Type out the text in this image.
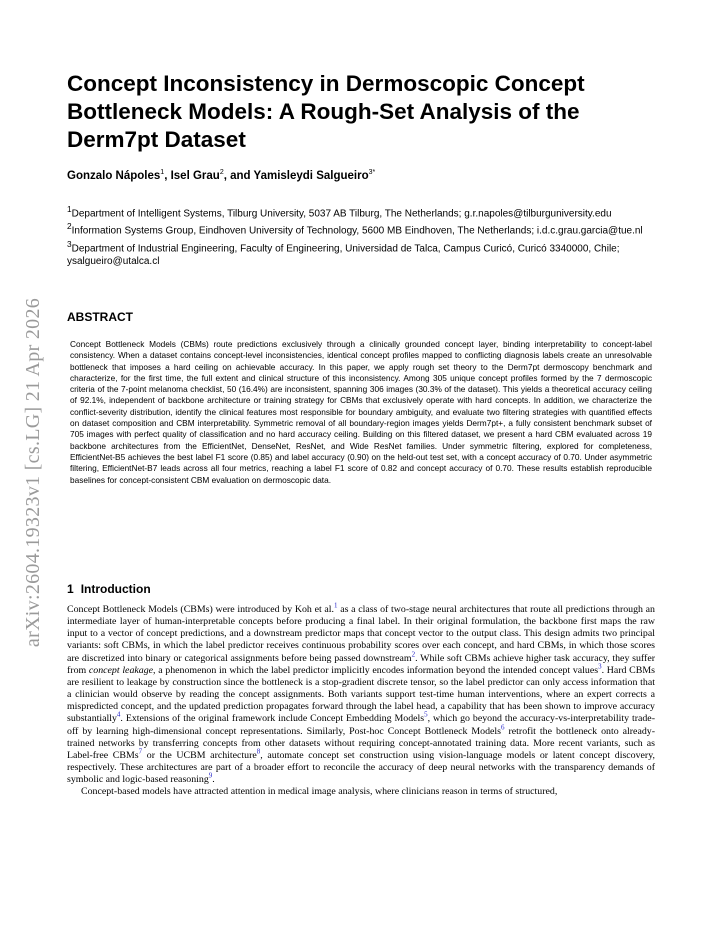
arXiv:2604.19323v1 [cs.LG] 21 Apr 2026
Concept Inconsistency in Dermoscopic Concept Bottleneck Models: A Rough-Set Analysis of the Derm7pt Dataset
Gonzalo Nápoles$^1$, Isel Grau$^2$, and Yamisleydi Salgueiro$^{3*}$
$^1$Department of Intelligent Systems, Tilburg University, 5037 AB Tilburg, The Netherlands; g.r.napoles@tilburguniversity.edu
$^2$Information Systems Group, Eindhoven University of Technology, 5600 MB Eindhoven, The Netherlands; i.d.c.grau.garcia@tue.nl
$^3$Department of Industrial Engineering, Faculty of Engineering, Universidad de Talca, Campus Curicó, Curicó 3340000, Chile; ysalgueiro@utalca.cl
ABSTRACT

Concept Bottleneck Models (CBMs) route predictions exclusively through a clinically grounded concept layer, binding interpretability to concept-label consistency. When a dataset contains concept-level inconsistencies, identical concept profiles mapped to conflicting diagnosis labels create an unresolvable bottleneck that imposes a hard ceiling on achievable accuracy. In this paper, we apply rough set theory to the Derm7pt dermoscopy benchmark and characterize, for the first time, the full extent and clinical structure of this inconsistency. Among 305 unique concept profiles formed by the 7 dermoscopic criteria of the 7-point melanoma checklist, 50 (16.4%) are inconsistent, spanning 306 images (30.3% of the dataset). This yields a theoretical accuracy ceiling of 92.1%, independent of backbone architecture or training strategy for CBMs that exclusively operate with hard concepts. In addition, we characterize the conflict-severity distribution, identify the clinical features most responsible for boundary ambiguity, and evaluate two filtering strategies with quantified effects on dataset composition and CBM interpretability. Symmetric removal of all boundary-region images yields Derm7pt+, a fully consistent benchmark subset of 705 images with perfect quality of classification and no hard accuracy ceiling. Building on this filtered dataset, we present a hard CBM evaluated across 19 backbone architectures from the EfficientNet, DenseNet, ResNet, and Wide ResNet families. Under symmetric filtering, explored for completeness, EfficientNet-B5 achieves the best label F1 score (0.85) and label accuracy (0.90) on the held-out test set, with a concept accuracy of 0.70. Under asymmetric filtering, EfficientNet-B7 leads across all four metrics, reaching a label F1 score of 0.82 and concept accuracy of 0.70. These results establish reproducible baselines for concept-consistent CBM evaluation on dermoscopic data.

1 Introduction

Concept Bottleneck Models (CBMs) were introduced by Koh et al.$^1$ as a class of two-stage neural architectures that route all predictions through an intermediate layer of human-interpretable concepts before producing a final label. In their original formulation, the backbone first maps the raw input to a vector of concept predictions, and a downstream predictor maps that concept vector to the output class. This design admits two principal variants: soft CBMs, in which the label predictor receives continuous probability scores over each concept, and hard CBMs, in which those scores are discretized into binary or categorical assignments before being passed downstream$^2$. While soft CBMs achieve higher task accuracy, they suffer from concept leakage, a phenomenon in which the label predictor implicitly encodes information beyond the intended concept values$^3$. Hard CBMs are resilient to leakage by construction since the bottleneck is a stop-gradient discrete tensor, so the label predictor can only access information that a clinician would observe by reading the concept assignments. Both variants support test-time human interventions, where an expert corrects a mispredicted concept, and the updated prediction propagates forward through the label head, a capability that has been shown to improve accuracy substantially$^4$. Extensions of the original framework include Concept Embedding Models$^5$, which go beyond the accuracy-vs-interpretability trade-off by learning high-dimensional concept representations. Similarly, Post-hoc Concept Bottleneck Models$^6$ retrofit the bottleneck onto already-trained networks by transferring concepts from other datasets without requiring concept-annotated training data. More recent variants, such as Label-free CBMs$^7$ or the UCBM architecture$^8$, automate concept set construction using vision-language models or latent concept discovery, respectively. These architectures are part of a broader effort to reconcile the accuracy of deep neural networks with the transparency demands of symbolic and logic-based reasoning$^9$.

Concept-based models have attracted attention in medical image analysis, where clinicians reason in terms of structured,
